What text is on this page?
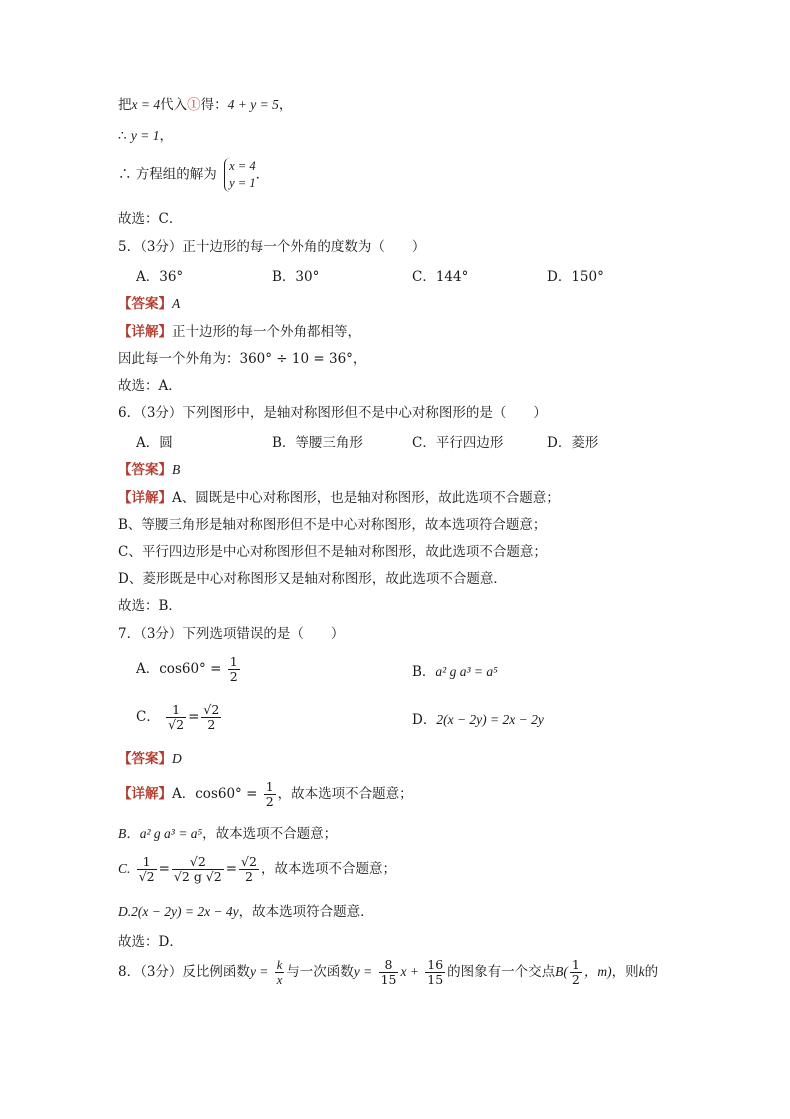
把x = 4代入①得：4 + y = 5，
∴ y = 1，
∴ 方程组的解为
x = 4
y = 1
．
故选：C．
5．（3分）正十边形的每一个外角的度数为（　　）
A．36°	B．30°	C．144°	D．150°
【答案】A
【详解】正十边形的每一个外角都相等，
因此每一个外角为：360° ÷ 10 = 36°，
故选：A．
6．（3分）下列图形中，是轴对称图形但不是中心对称图形的是（　　）
A．圆	B．等腰三角形	C．平行四边形	D．菱形
【答案】B
【详解】A、圆既是中心对称图形，也是轴对称图形，故此选项不合题意；
B、等腰三角形是轴对称图形但不是中心对称图形，故本选项符合题意；
C、平行四边形是中心对称图形但不是轴对称图形，故此选项不合题意；
D、菱形既是中心对称图形又是轴对称图形，故此选项不合题意．
故选：B．
7．（3分）下列选项错误的是（　　）
A．$\cos 60^\circ = \frac{1}{2}$	B．a² g a³ = a⁵
C． $\frac{1}{√2} = \frac{√2}{2}$	D．2(x − 2y) = 2x − 2y
【答案】D
【详解】A．$\cos 60^\circ = \frac{1}{2}$ ，故本选项不合题意；
B．a² g a³ = a⁵，故本选项不合题意；
C. $\frac{1}{√2} = \frac{√2}{√2 g √2} = \frac{√2}{2}$ ，故本选项不合题意；
D.2(x − 2y) = 2x − 4y，故本选项符合题意．
故选：D．
8．（3分）反比例函数$y = \frac{k}{x}$ 与一次函数$y = \frac{8}{15}$ $x + \frac{16}{15}$ 的图象有一个交点$B( \frac{1}{2}$ ，m)，则k的
